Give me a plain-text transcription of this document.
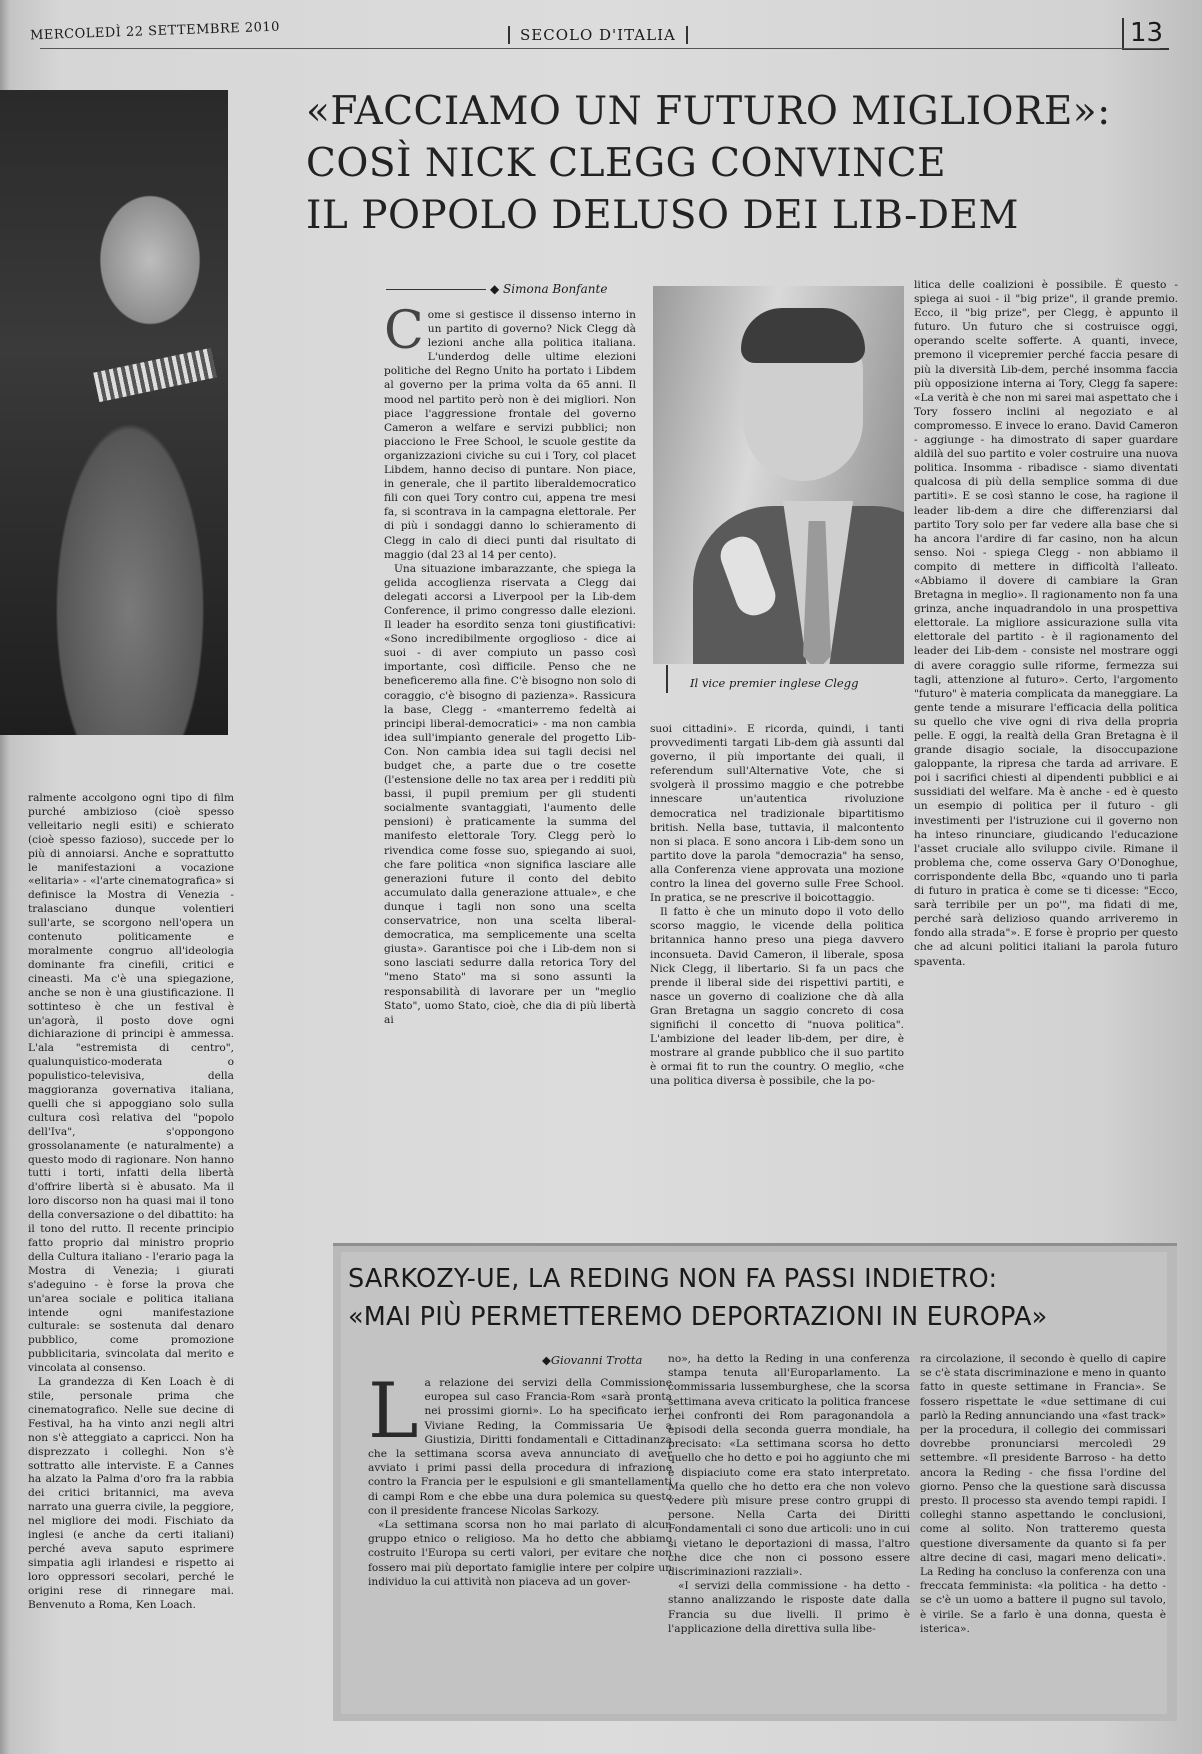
MERCOLEDÌ 22 SETTEMBRE 2010	SECOLO D'ITALIA	13

ralmente accolgono ogni tipo di film purché ambizioso (cioè spesso velleitario negli esiti) e schierato (cioè spesso fazioso), succede per lo più di annoiarsi. Anche e soprattutto le manifestazioni a vocazione «elitaria» - «l'arte cinematografica» si definisce la Mostra di Venezia - tralasciano dunque volentieri sull'arte, se scorgono nell'opera un contenuto politicamente e moralmente congruo all'ideologia dominante fra cinefili, critici e cineasti. Ma c'è una spiegazione, anche se non è una giustificazione. Il sottinteso è che un festival è un'agorà, il posto dove ogni dichiarazione di principi è ammessa. L'ala "estremista di centro", qualunquistico-moderata o populistico-televisiva, della maggioranza governativa italiana, quelli che si appoggiano solo sulla cultura così relativa del "popolo dell'Iva", s'oppongono grossolanamente (e naturalmente) a questo modo di ragionare. Non hanno tutti i torti, infatti della libertà d'offrire libertà si è abusato. Ma il loro discorso non ha quasi mai il tono della conversazione o del dibattito: ha il tono del rutto. Il recente principio fatto proprio dal ministro proprio della Cultura italiano - l'erario paga la Mostra di Venezia; i giurati s'adeguino - è forse la prova che un'area sociale e politica italiana intende ogni manifestazione culturale: se sostenuta dal denaro pubblico, come promozione pubblicitaria, svincolata dal merito e vincolata al consenso.

La grandezza di Ken Loach è di stile, personale prima che cinematografico. Nelle sue decine di Festival, ha ha vinto anzi negli altri non s'è atteggiato a capricci. Non ha disprezzato i colleghi. Non s'è sottratto alle interviste. E a Cannes ha alzato la Palma d'oro fra la rabbia dei critici britannici, ma aveva narrato una guerra civile, la peggiore, nel migliore dei modi. Fischiato da inglesi (e anche da certi italiani) perché aveva saputo esprimere simpatia agli irlandesi e rispetto ai loro oppressori secolari, perché le origini rese di rinnegare mai. Benvenuto a Roma, Ken Loach.

«FACCIAMO UN FUTURO MIGLIORE»:
COSÌ NICK CLEGG CONVINCE
IL POPOLO DELUSO DEI LIB-DEM
◆ Simona Bonfante
C ome si gestisce il dissenso interno in un partito di governo? Nick Clegg dà lezioni anche alla politica italiana. L'underdog delle ultime elezioni politiche del Regno Unito ha portato i Libdem al governo per la prima volta da 65 anni. Il mood nel partito però non è dei migliori. Non piace l'aggressione frontale del governo Cameron a welfare e servizi pubblici; non piacciono le Free School, le scuole gestite da organizzazioni civiche su cui i Tory, col placet Libdem, hanno deciso di puntare. Non piace, in generale, che il partito liberaldemocratico fili con quei Tory contro cui, appena tre mesi fa, si scontrava in la campagna elettorale. Per di più i sondaggi danno lo schieramento di Clegg in calo di dieci punti dal risultato di maggio (dal 23 al 14 per cento).

Una situazione imbarazzante, che spiega la gelida accoglienza riservata a Clegg dai delegati accorsi a Liverpool per la Lib-dem Conference, il primo congresso dalle elezioni. Il leader ha esordito senza toni giustificativi: «Sono incredibilmente orgoglioso - dice ai suoi - di aver compiuto un passo così importante, così difficile. Penso che ne beneficeremo alla fine. C'è bisogno non solo di coraggio, c'è bisogno di pazienza». Rassicura la base, Clegg - «manterremo fedeltà ai principi liberal-democratici» - ma non cambia idea sull'impianto generale del progetto Lib-Con. Non cambia idea sui tagli decisi nel budget che, a parte due o tre cosette (l'estensione delle no tax area per i redditi più bassi, il pupil premium per gli studenti socialmente svantaggiati, l'aumento delle pensioni) è praticamente la summa del manifesto elettorale Tory. Clegg però lo rivendica come fosse suo, spiegando ai suoi, che fare politica «non significa lasciare alle generazioni future il conto del debito accumulato dalla generazione attuale», e che dunque i tagli non sono una scelta conservatrice, non una scelta liberal-democratica, ma semplicemente una scelta giusta». Garantisce poi che i Lib-dem non si sono lasciati sedurre dalla retorica Tory del "meno Stato" ma si sono assunti la responsabilità di lavorare per un "meglio Stato", uomo Stato, cioè, che dia di più libertà ai

Il vice premier inglese Clegg

suoi cittadini». E ricorda, quindi, i tanti provvedimenti targati Lib-dem già assunti dal governo, il più importante dei quali, il referendum sull'Alternative Vote, che si svolgerà il prossimo maggio e che potrebbe innescare un'autentica rivoluzione democratica nel tradizionale bipartitismo british. Nella base, tuttavia, il malcontento non si placa. E sono ancora i Lib-dem sono un partito dove la parola "democrazia" ha senso, alla Conferenza viene approvata una mozione contro la linea del governo sulle Free School. In pratica, se ne prescrive il boicottaggio.

Il fatto è che un minuto dopo il voto dello scorso maggio, le vicende della politica britannica hanno preso una piega davvero inconsueta. David Cameron, il liberale, sposa Nick Clegg, il libertario. Si fa un pacs che prende il liberal side dei rispettivi partiti, e nasce un governo di coalizione che dà alla Gran Bretagna un saggio concreto di cosa significhi il concetto di "nuova politica". L'ambizione del leader lib-dem, per dire, è mostrare al grande pubblico che il suo partito è ormai fit to run the country. O meglio, «che una politica diversa è possibile, che la po-

litica delle coalizioni è possibile. È questo - spiega ai suoi - il "big prize", il grande premio. Ecco, il "big prize", per Clegg, è appunto il futuro. Un futuro che si costruisce oggi, operando scelte sofferte. A quanti, invece, premono il vicepremier perché faccia pesare di più la diversità Lib-dem, perché insomma faccia più opposizione interna ai Tory, Clegg fa sapere: «La verità è che non mi sarei mai aspettato che i Tory fossero inclini al negoziato e al compromesso. E invece lo erano. David Cameron - aggiunge - ha dimostrato di saper guardare aldilà del suo partito e voler costruire una nuova politica. Insomma - ribadisce - siamo diventati qualcosa di più della semplice somma di due partiti». E se così stanno le cose, ha ragione il leader lib-dem a dire che differenziarsi dal partito Tory solo per far vedere alla base che si ha ancora l'ardire di far casino, non ha alcun senso. Noi - spiega Clegg - non abbiamo il compito di mettere in difficoltà l'alleato. «Abbiamo il dovere di cambiare la Gran Bretagna in meglio». Il ragionamento non fa una grinza, anche inquadrandolo in una prospettiva elettorale. La migliore assicurazione sulla vita elettorale del partito - è il ragionamento del leader dei Lib-dem - consiste nel mostrare oggi di avere coraggio sulle riforme, fermezza sui tagli, attenzione al futuro». Certo, l'argomento "futuro" è materia complicata da maneggiare. La gente tende a misurare l'efficacia della politica su quello che vive ogni di riva della propria pelle. E oggi, la realtà della Gran Bretagna è il grande disagio sociale, la disoccupazione galoppante, la ripresa che tarda ad arrivare. E poi i sacrifici chiesti al dipendenti pubblici e ai sussidiati del welfare. Ma è anche - ed è questo un esempio di politica per il futuro - gli investimenti per l'istruzione cui il governo non ha inteso rinunciare, giudicando l'educazione l'asset cruciale allo sviluppo civile. Rimane il problema che, come osserva Gary O'Donoghue, corrispondente della Bbc, «quando uno ti parla di futuro in pratica è come se ti dicesse: "Ecco, sarà terribile per un po'", ma fidati di me, perché sarà delizioso quando arriveremo in fondo alla strada"». E forse è proprio per questo che ad alcuni politici italiani la parola futuro spaventa.

SARKOZY-UE, LA REDING NON FA PASSI INDIETRO:
«MAI PIÙ PERMETTEREMO DEPORTAZIONI IN EUROPA»
◆ Giovanni Trotta
L a relazione dei servizi della Commissione europea sul caso Francia-Rom «sarà pronta nei prossimi giorni». Lo ha specificato ieri Viviane Reding, la Commissaria Ue a Giustizia, Diritti fondamentali e Cittadinanza che la settimana scorsa aveva annunciato di aver avviato i primi passi della procedura di infrazione contro la Francia per le espulsioni e gli smantellamenti di campi Rom e che ebbe una dura polemica su questo con il presidente francese Nicolas Sarkozy.

«La settimana scorsa non ho mai parlato di alcun gruppo etnico o religioso. Ma ho detto che abbiamo costruito l'Europa su certi valori, per evitare che non fossero mai più deportato famiglie intere per colpire un individuo la cui attività non piaceva ad un gover-

no», ha detto la Reding in una conferenza stampa tenuta all'Europarlamento. La commissaria lussemburghese, che la scorsa settimana aveva criticato la politica francese nei confronti dei Rom paragonandola a episodi della seconda guerra mondiale, ha precisato: «La settimana scorsa ho detto quello che ho detto e poi ho aggiunto che mi è dispiaciuto come era stato interpretato. Ma quello che ho detto era che non volevo vedere più misure prese contro gruppi di persone. Nella Carta dei Diritti Fondamentali ci sono due articoli: uno in cui si vietano le deportazioni di massa, l'altro che dice che non ci possono essere discriminazioni razziali».

«I servizi della commissione - ha detto - stanno analizzando le risposte date dalla Francia su due livelli. Il primo è l'applicazione della direttiva sulla libe-

ra circolazione, il secondo è quello di capire se c'è stata discriminazione e meno in quanto fatto in queste settimane in Francia». Se fossero rispettate le «due settimane di cui parlò la Reding annunciando una «fast track» per la procedura, il collegio dei commissari dovrebbe pronunciarsi mercoledì 29 settembre. «Il presidente Barroso - ha detto ancora la Reding - che fissa l'ordine del giorno. Penso che la questione sarà discussa presto. Il processo sta avendo tempi rapidi. I colleghi stanno aspettando le conclusioni, come al solito. Non tratteremo questa questione diversamente da quanto si fa per altre decine di casi, magari meno delicati». La Reding ha concluso la conferenza con una freccata femminista: «la politica - ha detto - se c'è un uomo a battere il pugno sul tavolo, è virile. Se a farlo è una donna, questa è isterica».
